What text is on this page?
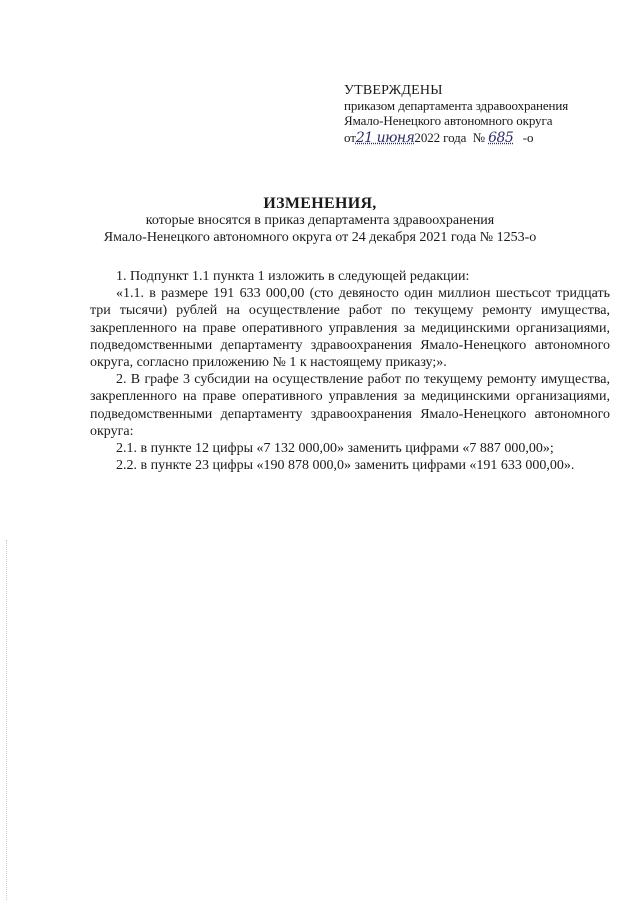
УТВЕРЖДЕНЫ
приказом департамента здравоохранения
Ямало-Ненецкого автономного округа
от21 июня2022 года № 685 -о
ИЗМЕНЕНИЯ,
которые вносятся в приказ департамента здравоохранения
Ямало-Ненецкого автономного округа от 24 декабря 2021 года № 1253-о

1. Подпункт 1.1 пункта 1 изложить в следующей редакции:

«1.1. в размере 191 633 000,00 (сто девяносто один миллион шестьсот тридцать три тысячи) рублей на осуществление работ по текущему ремонту имущества, закрепленного на праве оперативного управления за медицинскими организациями, подведомственными департаменту здравоохранения Ямало-Ненецкого автономного округа, согласно приложению № 1 к настоящему приказу;».

2. В графе 3 субсидии на осуществление работ по текущему ремонту имущества, закрепленного на праве оперативного управления за медицинскими организациями, подведомственными департаменту здравоохранения Ямало-Ненецкого автономного округа:

2.1. в пункте 12 цифры «7 132 000,00» заменить цифрами «7 887 000,00»;

2.2. в пункте 23 цифры «190 878 000,0» заменить цифрами «191 633 000,00».
